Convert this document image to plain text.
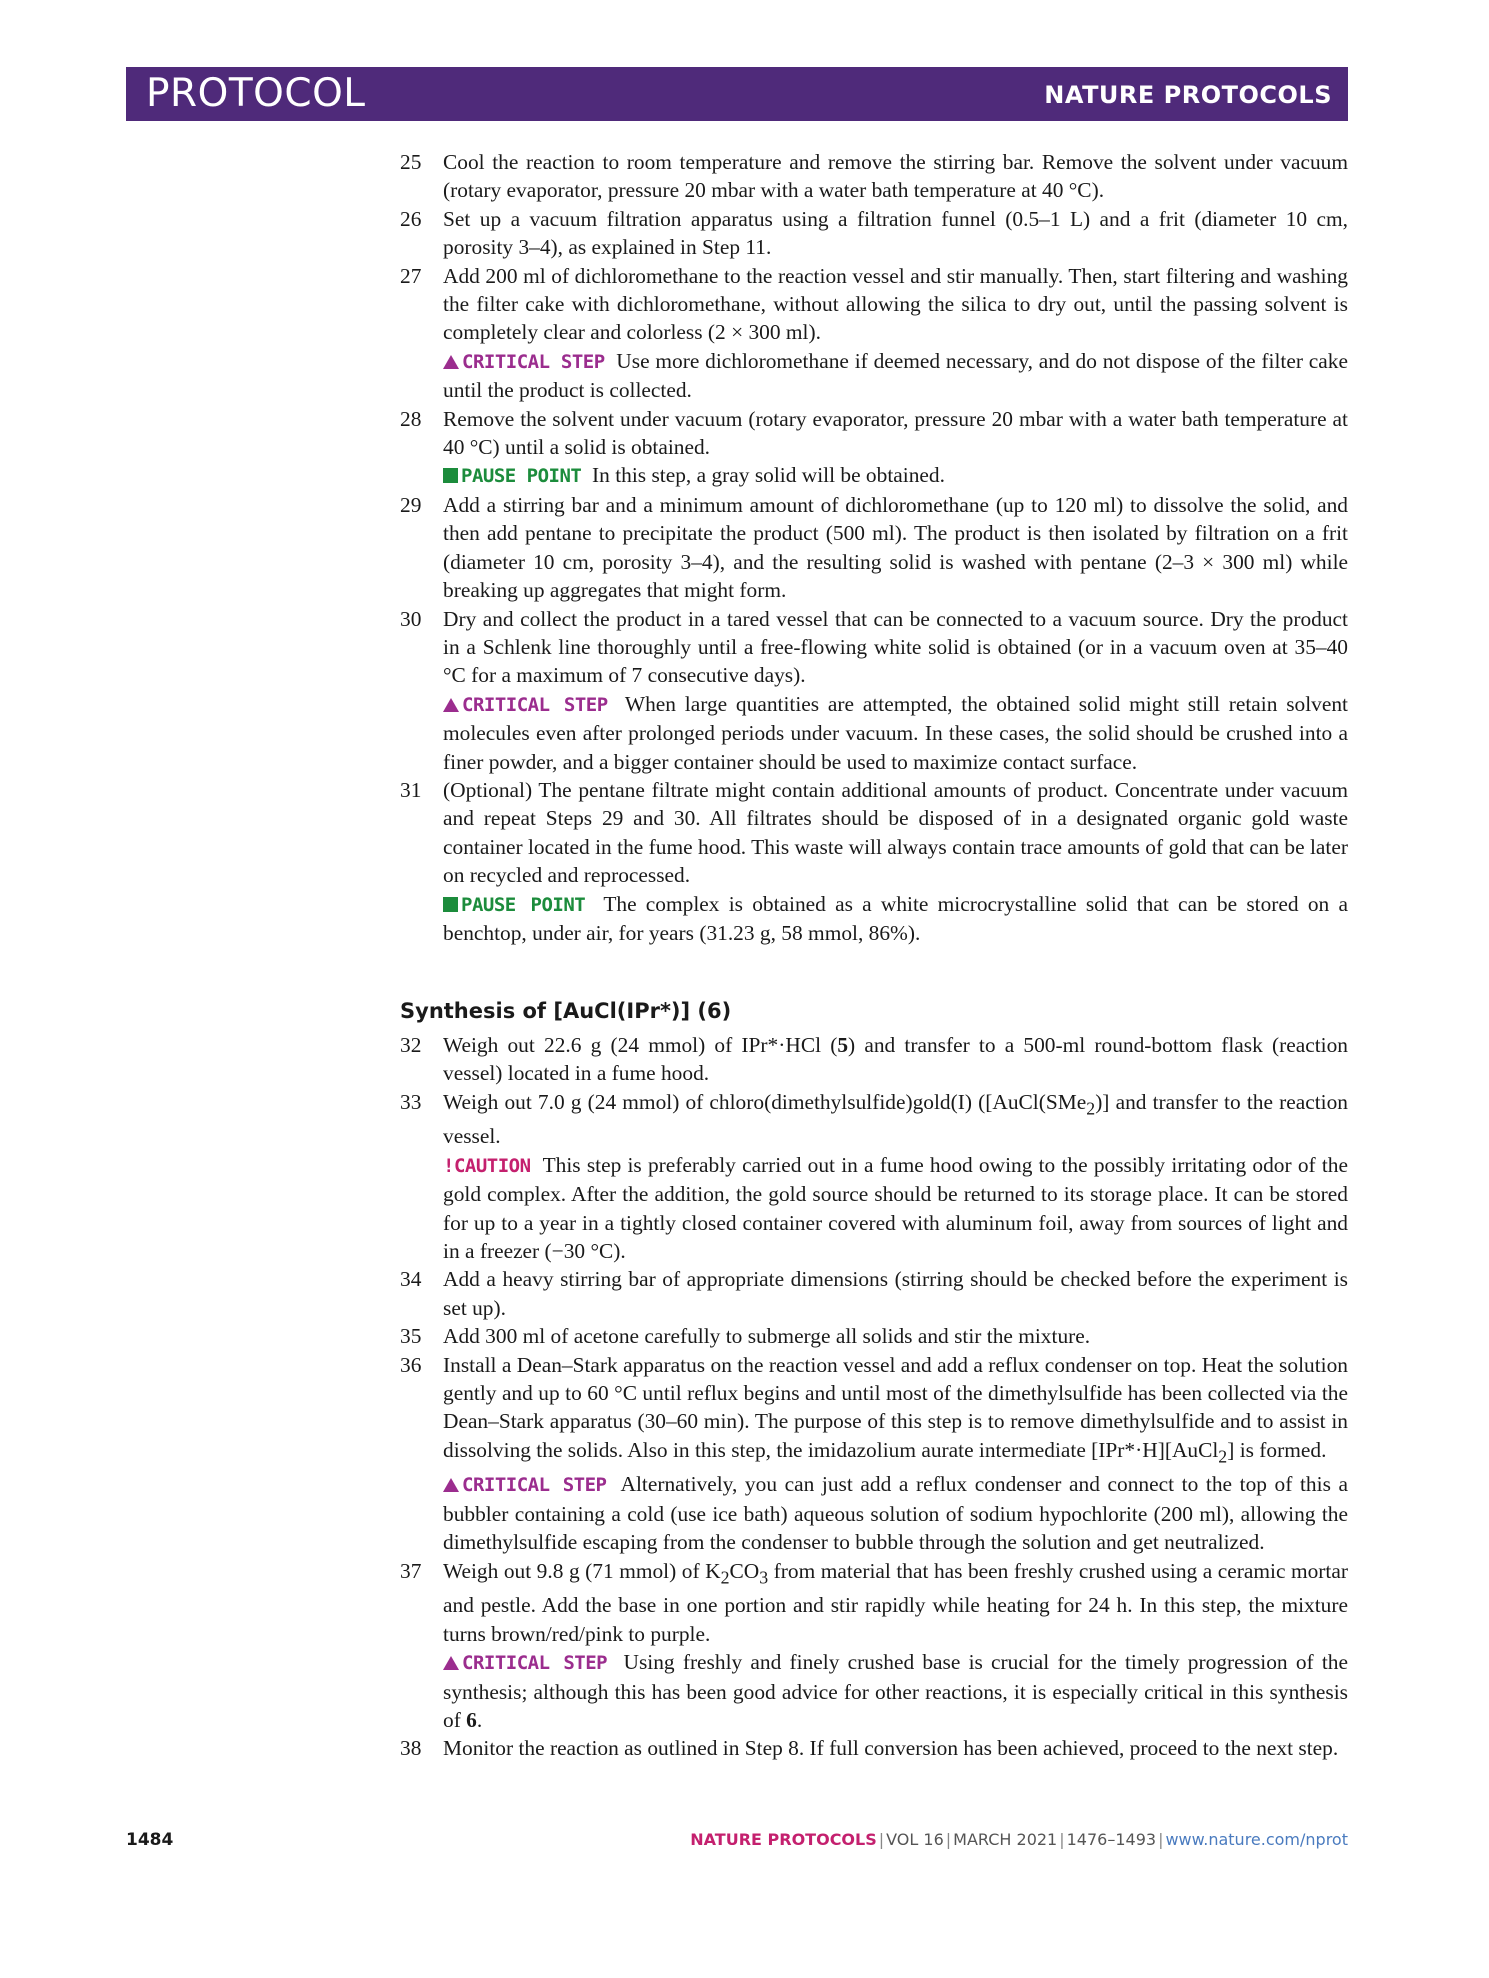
PROTOCOL	NATURE PROTOCOLS
25	Cool the reaction to room temperature and remove the stirring bar. Remove the solvent under vacuum (rotary evaporator, pressure 20 mbar with a water bath temperature at 40 °C).
26	Set up a vacuum filtration apparatus using a filtration funnel (0.5–1 L) and a frit (diameter 10 cm, porosity 3–4), as explained in Step 11.
27	Add 200 ml of dichloromethane to the reaction vessel and stir manually. Then, start filtering and washing the filter cake with dichloromethane, without allowing the silica to dry out, until the passing solvent is completely clear and colorless (2 × 300 ml).
CRITICAL STEP Use more dichloromethane if deemed necessary, and do not dispose of the filter cake until the product is collected.
28	Remove the solvent under vacuum (rotary evaporator, pressure 20 mbar with a water bath temperature at 40 °C) until a solid is obtained.
PAUSE POINT In this step, a gray solid will be obtained.
29	Add a stirring bar and a minimum amount of dichloromethane (up to 120 ml) to dissolve the solid, and then add pentane to precipitate the product (500 ml). The product is then isolated by filtration on a frit (diameter 10 cm, porosity 3–4), and the resulting solid is washed with pentane (2–3 × 300 ml) while breaking up aggregates that might form.
30	Dry and collect the product in a tared vessel that can be connected to a vacuum source. Dry the product in a Schlenk line thoroughly until a free-flowing white solid is obtained (or in a vacuum oven at 35–40 °C for a maximum of 7 consecutive days).
CRITICAL STEP When large quantities are attempted, the obtained solid might still retain solvent molecules even after prolonged periods under vacuum. In these cases, the solid should be crushed into a finer powder, and a bigger container should be used to maximize contact surface.
31	(Optional) The pentane filtrate might contain additional amounts of product. Concentrate under vacuum and repeat Steps 29 and 30. All filtrates should be disposed of in a designated organic gold waste container located in the fume hood. This waste will always contain trace amounts of gold that can be later on recycled and reprocessed.
PAUSE POINT The complex is obtained as a white microcrystalline solid that can be stored on a benchtop, under air, for years (31.23 g, 58 mmol, 86%).
Synthesis of [AuCl(IPr*)] (6)
32	Weigh out 22.6 g (24 mmol) of IPr*·HCl (5) and transfer to a 500-ml round-bottom flask (reaction vessel) located in a fume hood.
33	Weigh out 7.0 g (24 mmol) of chloro(dimethylsulfide)gold(I) ([AuCl(SMe$_2$)] and transfer to the reaction vessel.
!CAUTION This step is preferably carried out in a fume hood owing to the possibly irritating odor of the gold complex. After the addition, the gold source should be returned to its storage place. It can be stored for up to a year in a tightly closed container covered with aluminum foil, away from sources of light and in a freezer (−30 °C).
34	Add a heavy stirring bar of appropriate dimensions (stirring should be checked before the experiment is set up).
35	Add 300 ml of acetone carefully to submerge all solids and stir the mixture.
36	Install a Dean–Stark apparatus on the reaction vessel and add a reflux condenser on top. Heat the solution gently and up to 60 °C until reflux begins and until most of the dimethylsulfide has been collected via the Dean–Stark apparatus (30–60 min). The purpose of this step is to remove dimethylsulfide and to assist in dissolving the solids. Also in this step, the imidazolium aurate intermediate [IPr*·H][AuCl$_2$] is formed.
CRITICAL STEP Alternatively, you can just add a reflux condenser and connect to the top of this a bubbler containing a cold (use ice bath) aqueous solution of sodium hypochlorite (200 ml), allowing the dimethylsulfide escaping from the condenser to bubble through the solution and get neutralized.
37	Weigh out 9.8 g (71 mmol) of $K_2CO_3$ from material that has been freshly crushed using a ceramic mortar and pestle. Add the base in one portion and stir rapidly while heating for 24 h. In this step, the mixture turns brown/red/pink to purple.
CRITICAL STEP Using freshly and finely crushed base is crucial for the timely progression of the synthesis; although this has been good advice for other reactions, it is especially critical in this synthesis of 6.
38	Monitor the reaction as outlined in Step 8. If full conversion has been achieved, proceed to the next step.
1484	NATURE PROTOCOLS | VOL 16 | MARCH 2021 | 1476–1493 | www.nature.com/nprot
